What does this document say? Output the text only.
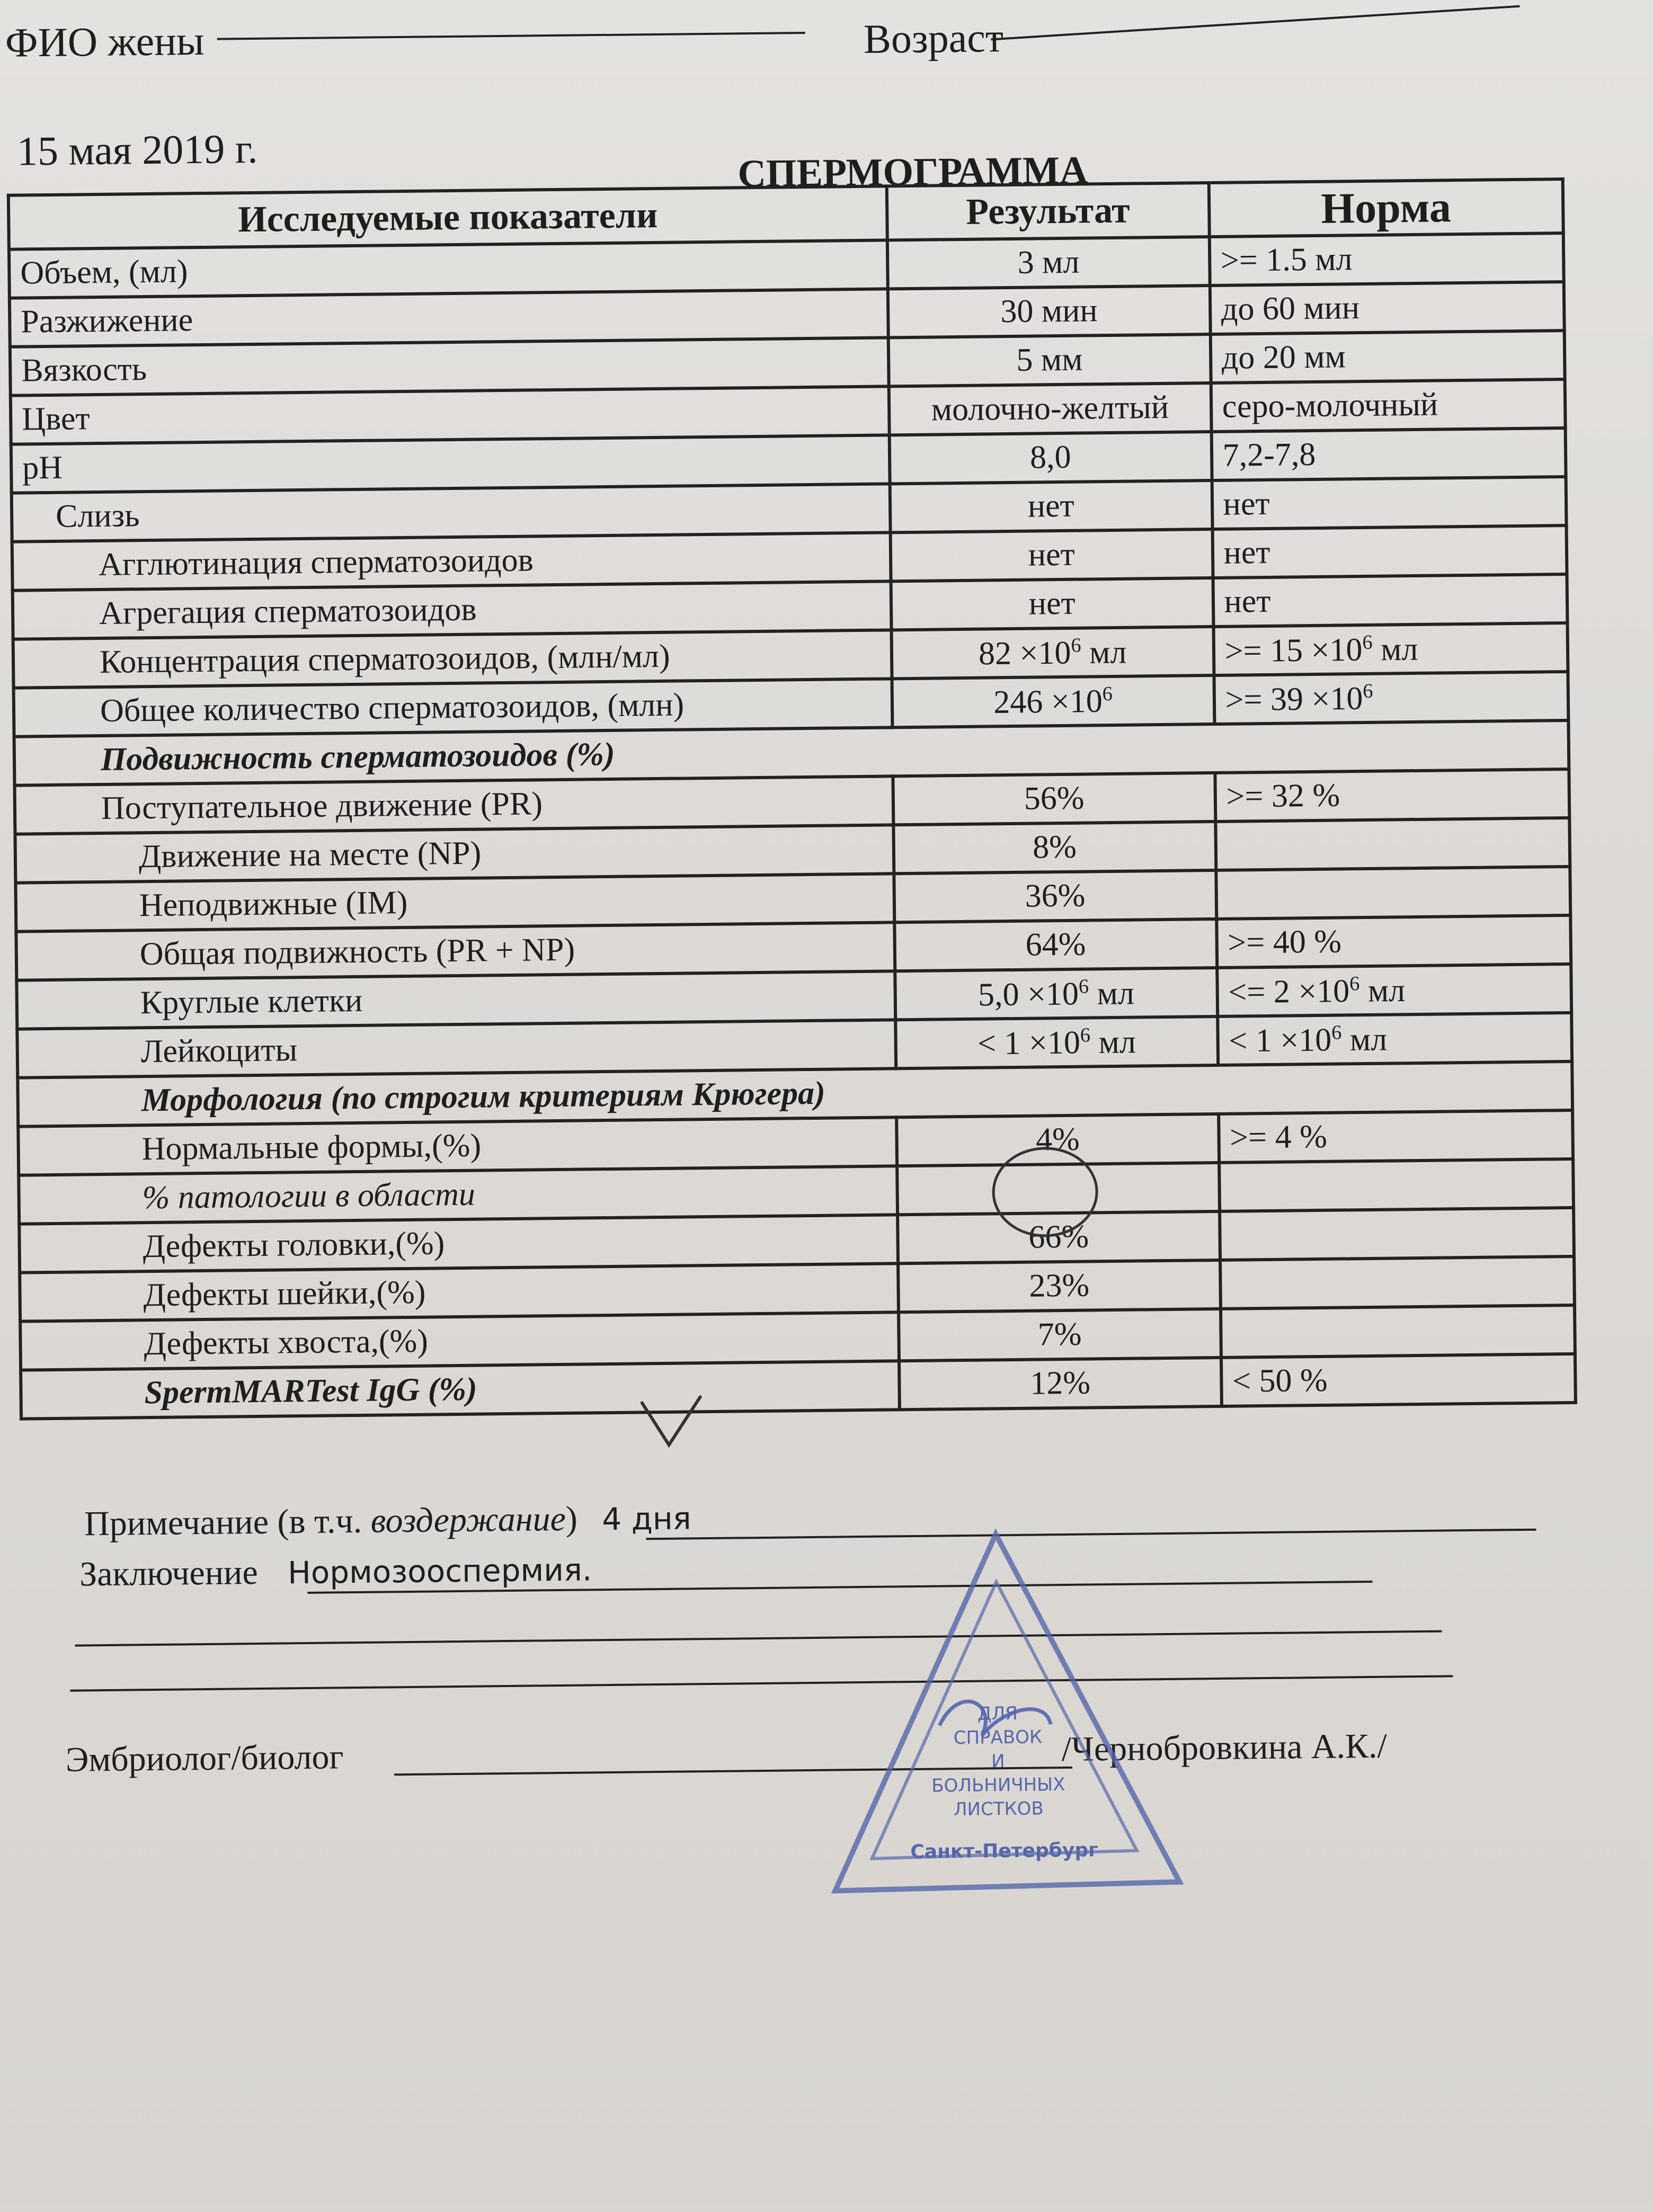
ФИО жены	Возраст
15 мая 2019 г.	СПЕРМОГРАММА
Исследуемые показатели	Результат	Норма
Объем, (мл)	3 мл	>= 1.5 мл
Разжижение	30 мин	до 60 мин
Вязкость	5 мм	до 20 мм
Цвет	молочно-желтый	серо-молочный
pH	8,0	7,2-7,8
Слизь	нет	нет
Агглютинация сперматозоидов	нет	нет
Агрегация сперматозоидов	нет	нет
Концентрация сперматозоидов, (млн/мл)	$82 \times 10^6$ мл	>= $15 \times 10^6$ мл
Общее количество сперматозоидов, (млн)	$246 \times 10^6$	>= $39 \times 10^6$
Подвижность сперматозоидов (%)		
Поступательное движение (PR)	56%	>= 32 %
Движение на месте (NP)	8%	
Неподвижные (IM)	36%	
Общая подвижность (PR + NP)	64%	>= 40 %
Круглые клетки	$5,0 \times 10^6$ мл	<= $2 \times 10^6$ мл
Лейкоциты	< $1 \times 10^6$ мл	< $1 \times 10^6$ мл
Морфология (по строгим критериям Крюгера)		
Нормальные формы,(%)	4%	>= 4 %
% патологии в области		
Дефекты головки,(%)	66%	
Дефекты шейки,(%)	23%	
Дефекты хвоста,(%)	7%	
SpermMARTest IgG (%)	12%	< 50 %
Примечание (в т.ч. воздержание) 4 дня
Заключение Нормозооспермия.
Эмбриолог/биолог	/Чернобровкина А.К./
ДЛЯ
СПРАВОК
И
БОЛЬНИЧНЫХ
ЛИСТКОВ
Санкт-Петербург
